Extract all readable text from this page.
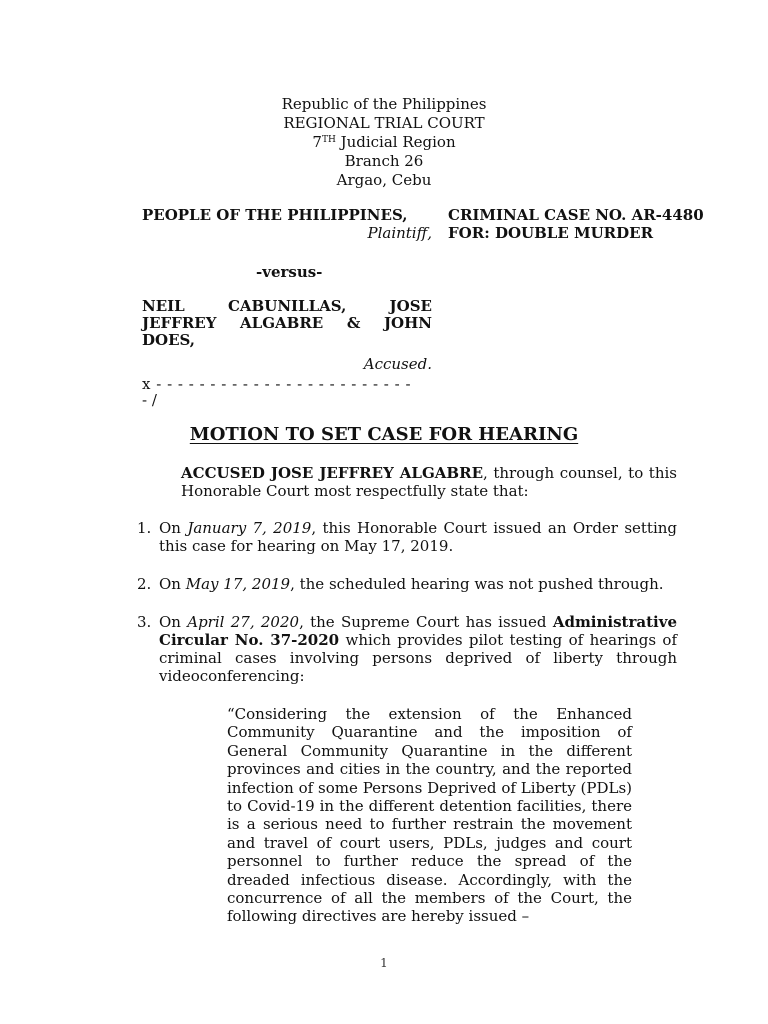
Republic of the Philippines
REGIONAL TRIAL COURT
7TH Judicial Region
Branch 26
Argao, Cebu
PEOPLE OF THE PHILIPPINES,
Plaintiff,
CRIMINAL CASE NO. AR-4480
FOR: DOUBLE MURDER
-versus-
NEIL CABUNILLAS, JOSE JEFFREY ALGABRE & JOHN DOES,
Accused.
x - - - - - - - - - - - - - - - - - - - - - - - -
- /
MOTION TO SET CASE FOR HEARING
ACCUSED JOSE JEFFREY ALGABRE, through counsel, to this Honorable Court most respectfully state that:
1. On January 7, 2019, this Honorable Court issued an Order setting this case for hearing on May 17, 2019.
2. On May 17, 2019, the scheduled hearing was not pushed through.
3. On April 27, 2020, the Supreme Court has issued Administrative Circular No. 37-2020 which provides pilot testing of hearings of criminal cases involving persons deprived of liberty through videoconferencing:
“Considering the extension of the Enhanced Community Quarantine and the imposition of General Community Quarantine in the different provinces and cities in the country, and the reported infection of some Persons Deprived of Liberty (PDLs) to Covid-19 in the different detention facilities, there is a serious need to further restrain the movement and travel of court users, PDLs, judges and court personnel to further reduce the spread of the dreaded infectious disease. Accordingly, with the concurrence of all the members of the Court, the following directives are hereby issued –
1
